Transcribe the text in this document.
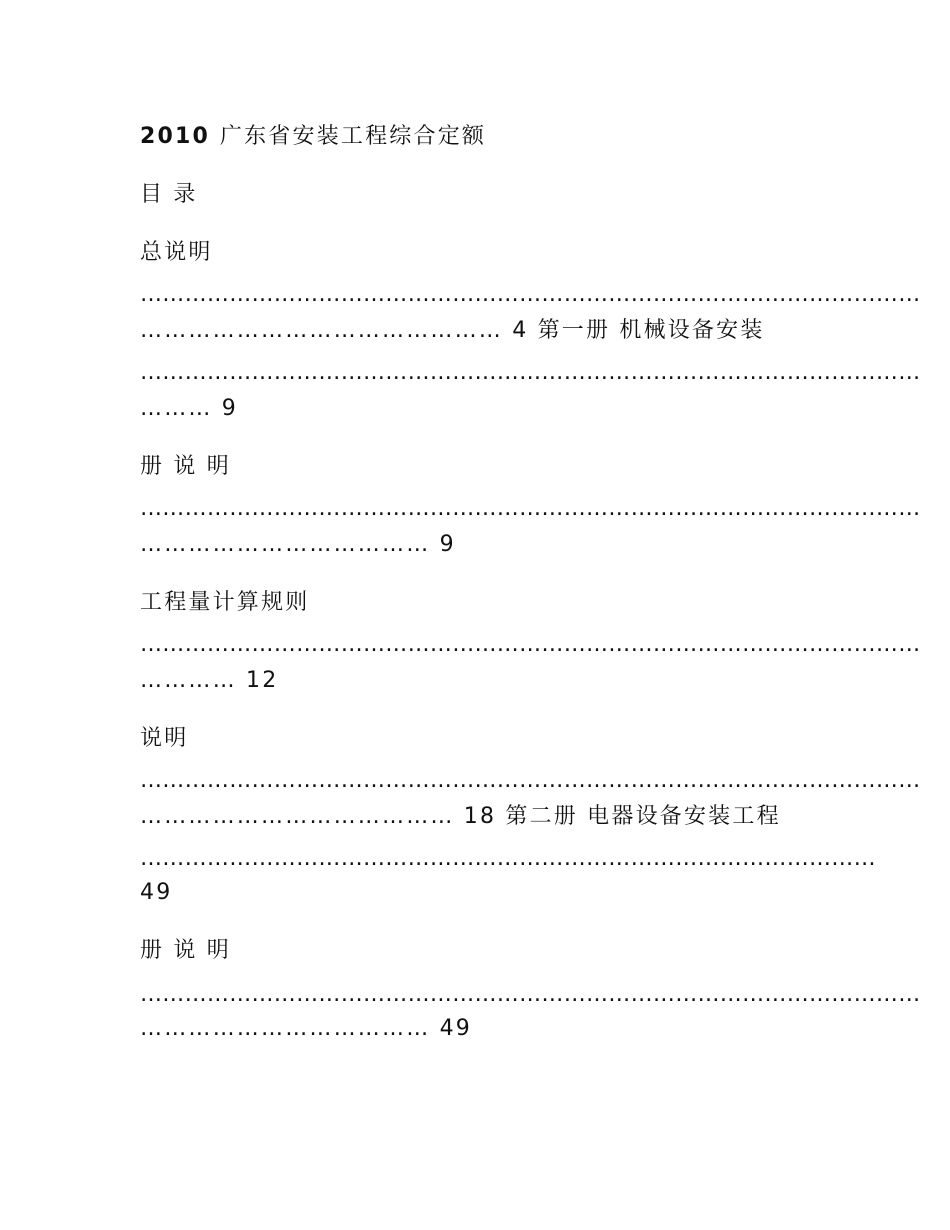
2010 广东省安装工程综合定额
目 录
总说明
……………………………………………………………………………………………
……………………………………… 4 第一册 机械设备安装
……………………………………………………………………………………………
……… 9
册 说 明
……………………………………………………………………………………………
……………………………… 9
工程量计算规则
……………………………………………………………………………………………
………… 12
说明
……………………………………………………………………………………………
………………………………… 18 第二册 电器设备安装工程
………………………………………………………………………………………
49
册 说 明
……………………………………………………………………………………………
……………………………… 49
